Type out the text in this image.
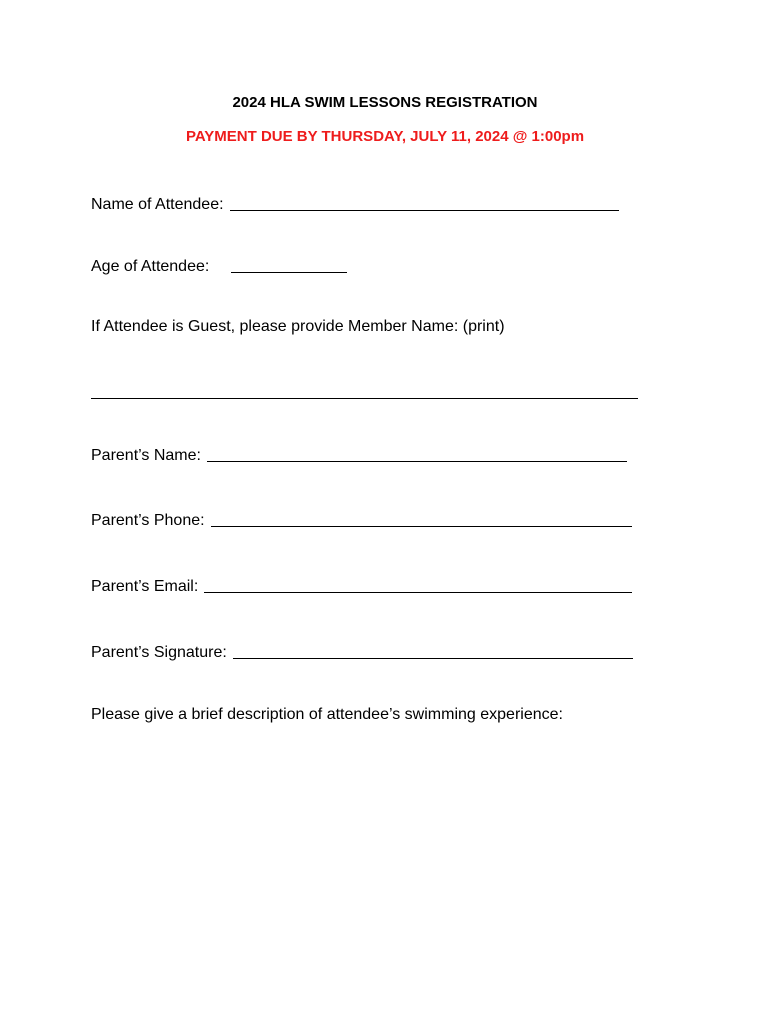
2024 HLA SWIM LESSONS REGISTRATION
PAYMENT DUE BY THURSDAY, JULY 11, 2024 @ 1:00pm
Name of Attendee:
Age of Attendee:
If Attendee is Guest, please provide Member Name: (print)
Parent’s Name:
Parent’s Phone:
Parent’s Email:
Parent’s Signature:
Please give a brief description of attendee’s swimming experience:
